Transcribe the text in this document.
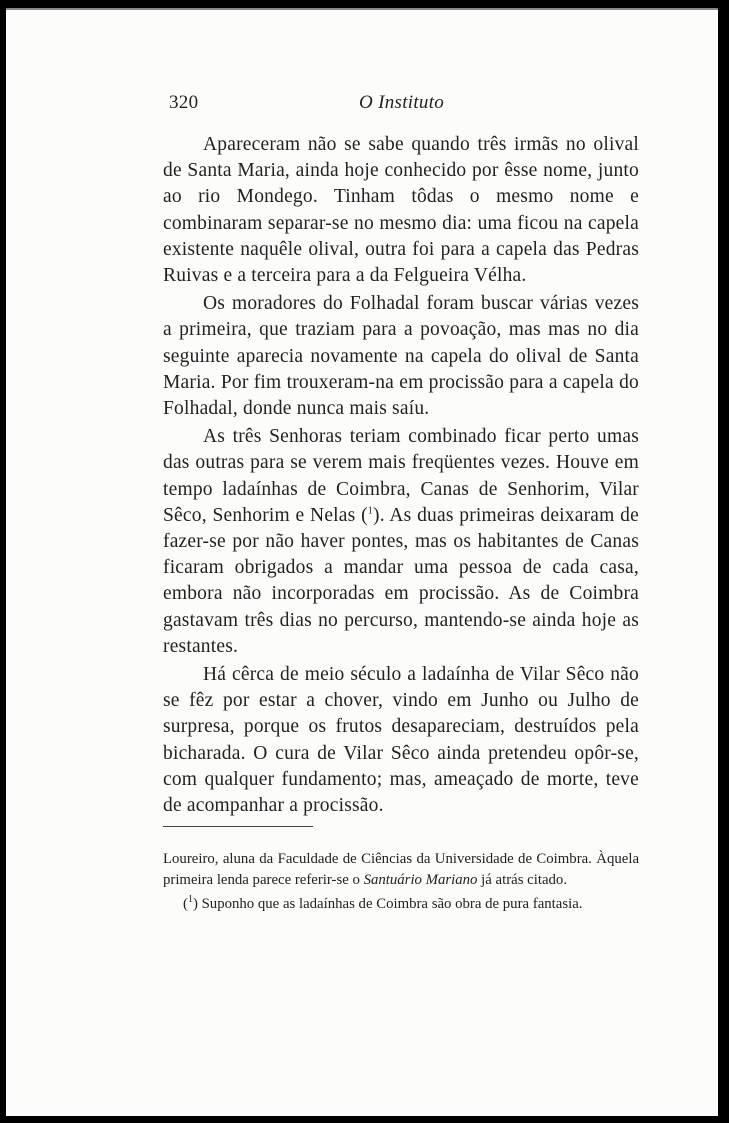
320	O Instituto

Apareceram não se sabe quando três irmãs no olival de Santa Maria, ainda hoje conhecido por êsse nome, junto ao rio Mondego. Tinham tôdas o mesmo nome e combinaram separar-se no mesmo dia: uma ficou na capela existente naquêle olival, outra foi para a capela das Pedras Ruivas e a terceira para a da Felgueira Vélha.

Os moradores do Folhadal foram buscar várias vezes a primeira, que traziam para a povoação, mas mas no dia seguinte aparecia novamente na capela do olival de Santa Maria. Por fim trouxeram-na em procissão para a capela do Folhadal, donde nunca mais saíu.

As três Senhoras teriam combinado ficar perto umas das outras para se verem mais freqüentes vezes. Houve em tempo ladaínhas de Coimbra, Canas de Senhorim, Vilar Sêco, Senhorim e Nelas ($^1$). As duas primeiras deixaram de fazer-se por não haver pontes, mas os habitantes de Canas ficaram obrigados a mandar uma pessoa de cada casa, embora não incorporadas em procissão. As de Coimbra gastavam três dias no percurso, mantendo-se ainda hoje as restantes.

Há cêrca de meio século a ladaínha de Vilar Sêco não se fêz por estar a chover, vindo em Junho ou Julho de surpresa, porque os frutos desapareciam, destruídos pela bicharada. O cura de Vilar Sêco ainda pretendeu opôr-se, com qualquer fundamento; mas, ameaçado de morte, teve de acompanhar a procissão.

Loureiro, aluna da Faculdade de Ciências da Universidade de Coimbra. Àquela primeira lenda parece referir-se o Santuário Mariano já atrás citado.

($^1$) Suponho que as ladaínhas de Coimbra são obra de pura fantasia.
